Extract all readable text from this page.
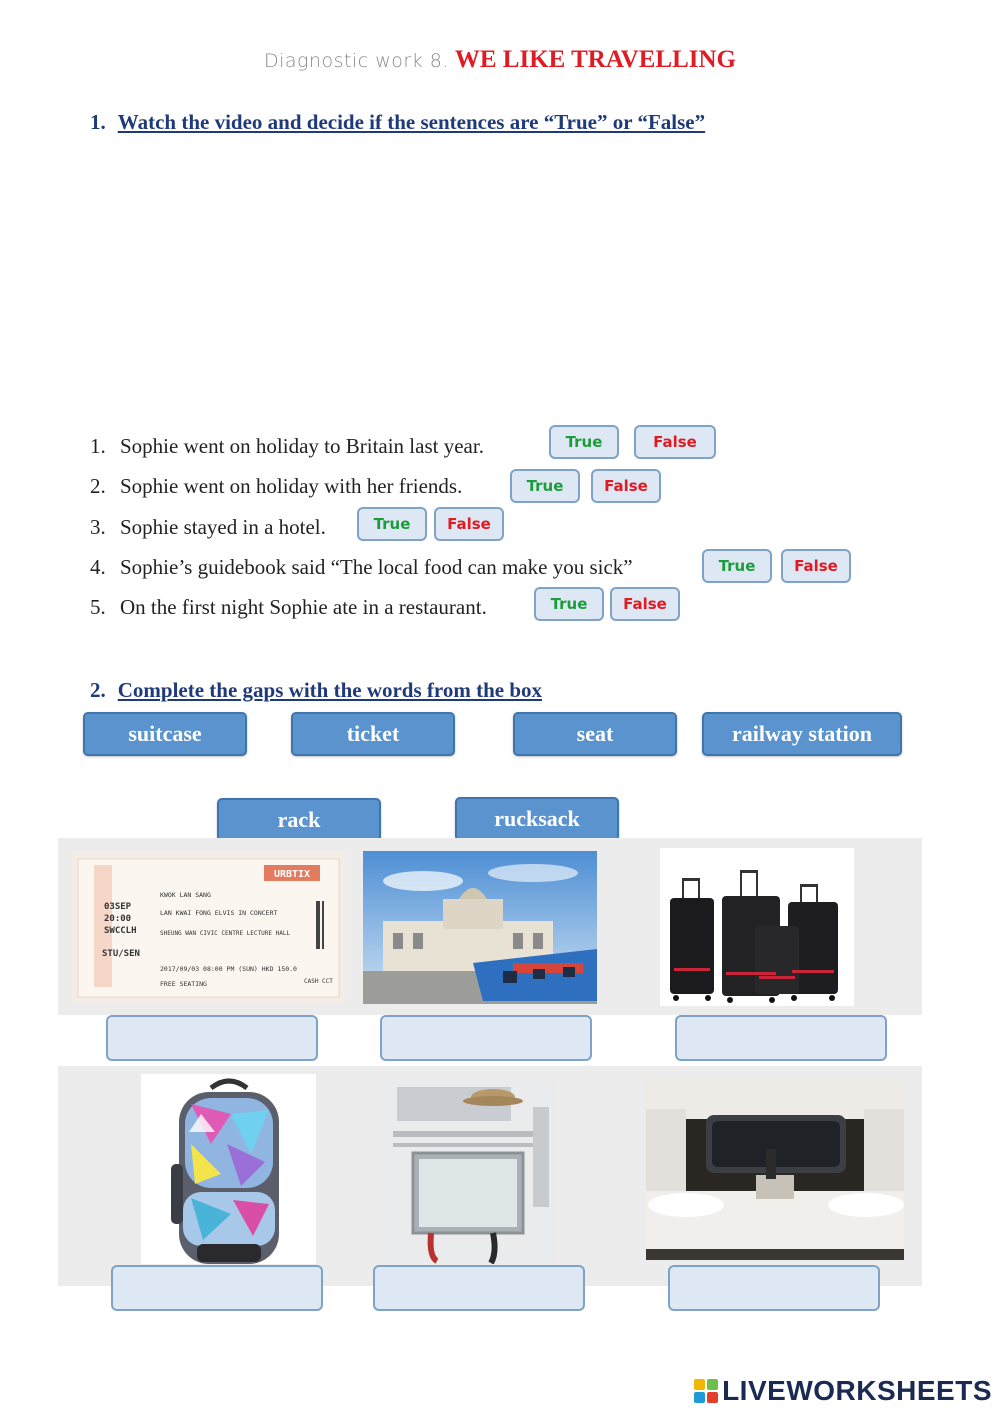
Diagnostic work 8. WE LIKE TRAVELLING
1. Watch the video and decide if the sentences are “True” or “False”
1. Sophie went on holiday to Britain last year.	True	False
2. Sophie went on holiday with her friends.	True	False
3. Sophie stayed in a hotel.	True	False
4. Sophie’s guidebook said “The local food can make you sick”	True	False
5. On the first night Sophie ate in a restaurant.	True	False
2. Complete the gaps with the words from the box
suitcase	ticket	seat	railway station
rack	rucksack
URBTIX
KWOK LAN SANG
LAN KWAI FONG ELVIS IN CONCERT
SHEUNG WAN CIVIC CENTRE LECTURE HALL
03SEP
20:00
SWCCLH
STU/SEN
2017/09/03 08:00 PM (SUN) HKD 150.0
FREE SEATING	CASH CCT
LIVEWORKSHEETS
